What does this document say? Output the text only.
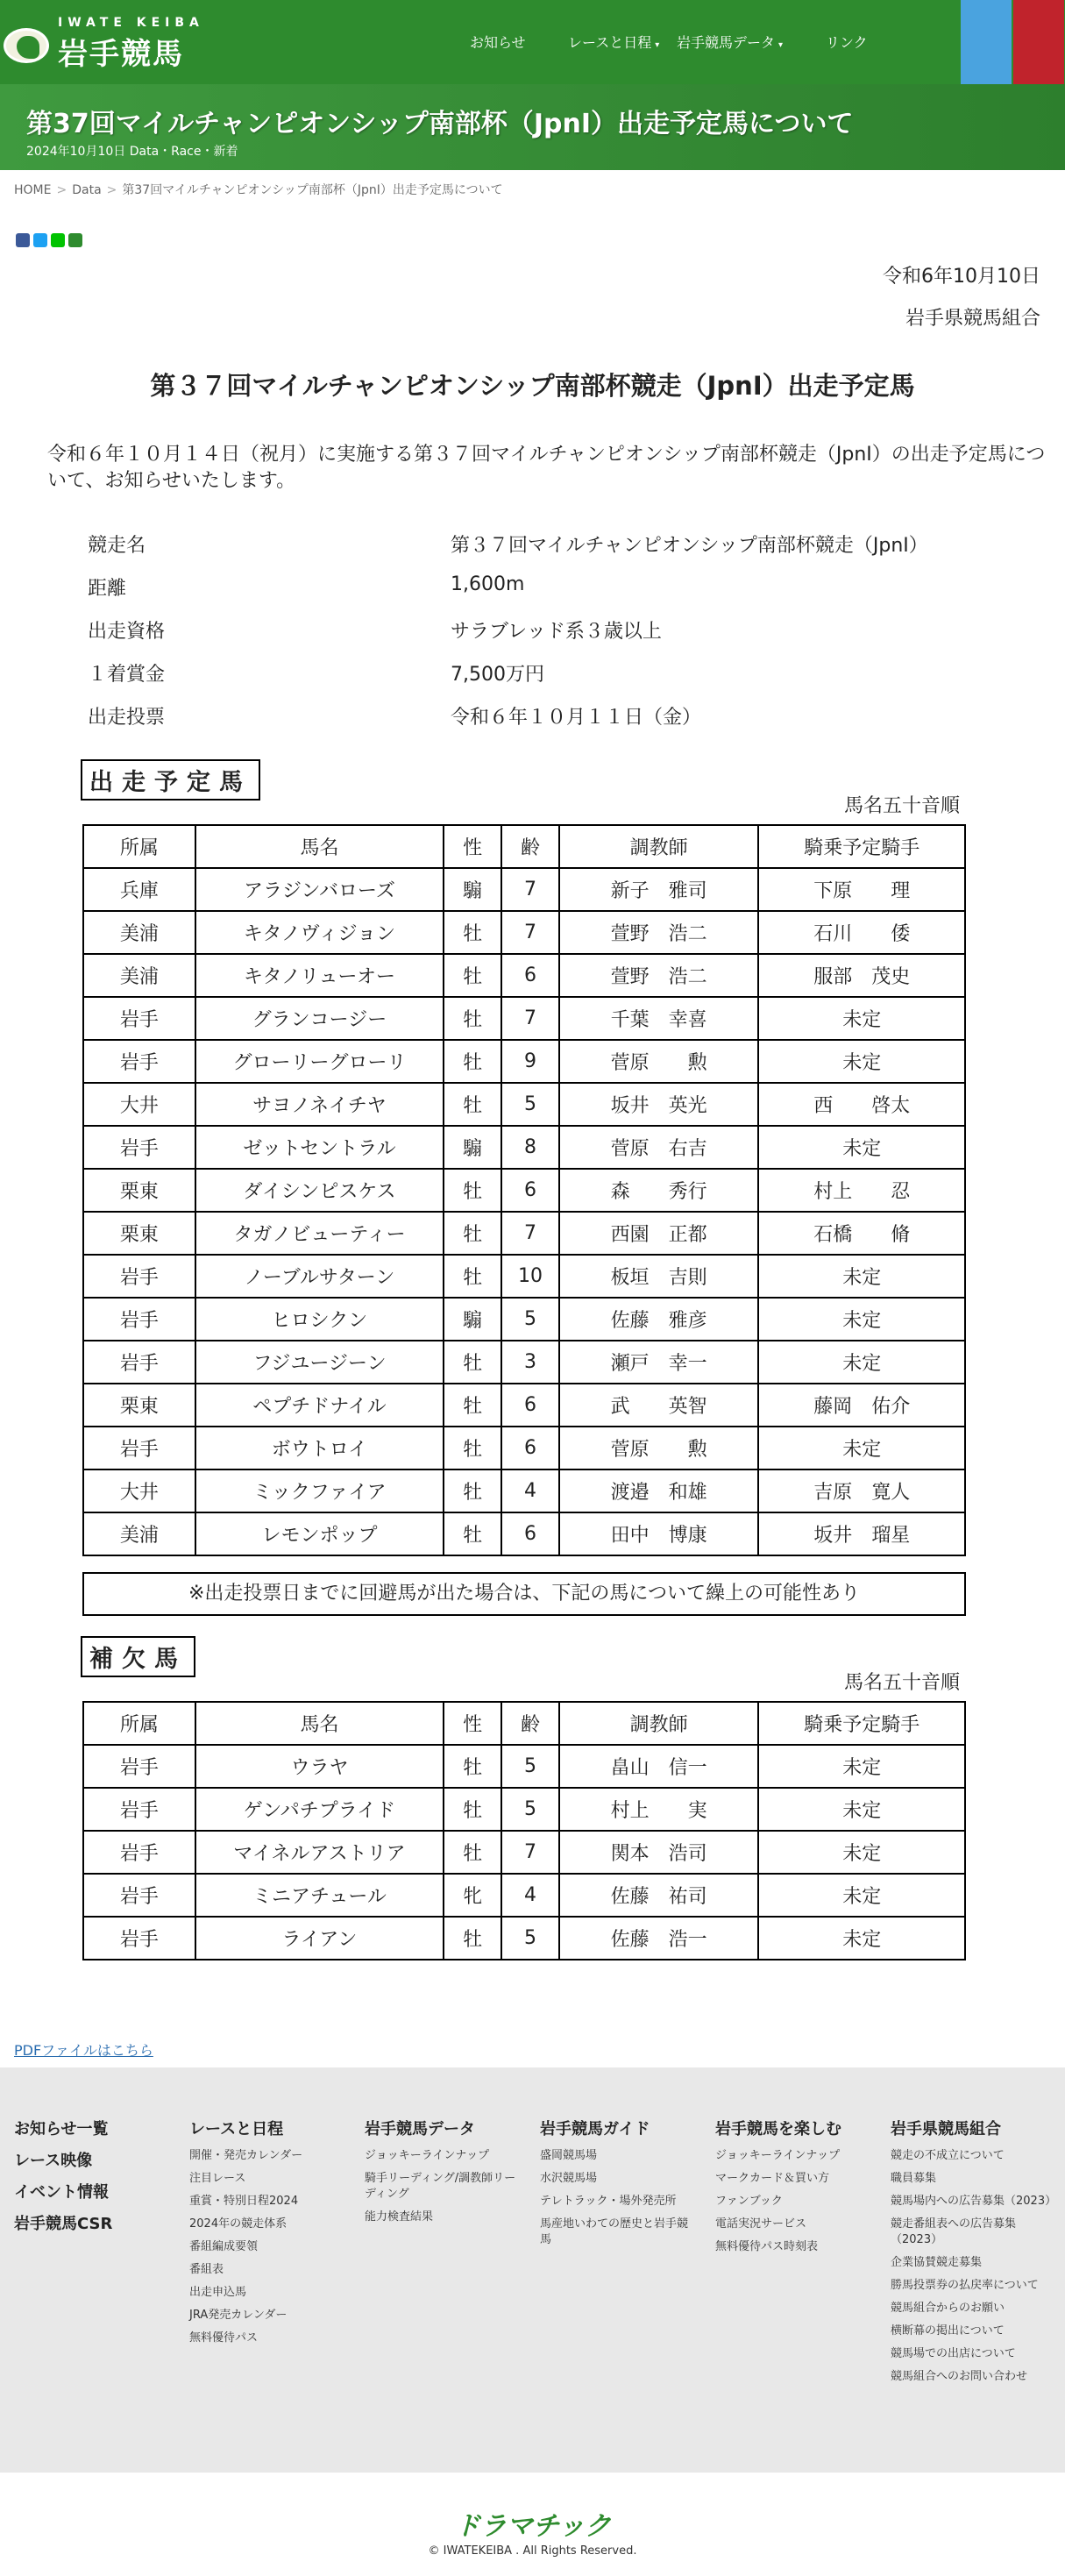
IWATE KEIBA
岩手競馬	お知らせ	レースと日程 ▾ 岩手競馬データ ▾	リンク
第37回マイルチャンピオンシップ南部杯（JpnⅠ）出走予定馬について
2024年10月10日 Data・Race・新着
HOME > Data > 第37回マイルチャンピオンシップ南部杯（JpnⅠ）出走予定馬について
令和6年10月10日
岩手県競馬組合
第３７回マイルチャンピオンシップ南部杯競走（JpnⅠ）出走予定馬
令和６年１０月１４日（祝月）に実施する第３７回マイルチャンピオンシップ南部杯競走（JpnⅠ）の出走予定馬について、お知らせいたします。
競走名	第３７回マイルチャンピオンシップ南部杯競走（JpnⅠ）
距離	1,600m
出走資格	サラブレッド系３歳以上
１着賞金	7,500万円
出走投票	令和６年１０月１１日（金）
出走予定馬
馬名五十音順
所属	馬名	性	齢	調教師	騎乗予定騎手
兵庫	アラジンバローズ	騸	7	新子　雅司	下原　　理
美浦	キタノヴィジョン	牡	7	萱野　浩二	石川　　倭
美浦	キタノリューオー	牡	6	萱野　浩二	服部　茂史
岩手	グランコージー	牡	7	千葉　幸喜	未定
岩手	グローリーグローリ	牡	9	菅原　　勲	未定
大井	サヨノネイチヤ	牡	5	坂井　英光	西　　啓太
岩手	ゼットセントラル	騸	8	菅原　右吉	未定
栗東	ダイシンピスケス	牡	6	森　　秀行	村上　　忍
栗東	タガノビューティー	牡	7	西園　正都	石橋　　脩
岩手	ノーブルサターン	牡	10	板垣　吉則	未定
岩手	ヒロシクン	騸	5	佐藤　雅彦	未定
岩手	フジユージーン	牡	3	瀬戸　幸一	未定
栗東	ペプチドナイル	牡	6	武　　英智	藤岡　佑介
岩手	ボウトロイ	牡	6	菅原　　勲	未定
大井	ミックファイア	牡	4	渡邉　和雄	吉原　寛人
美浦	レモンポップ	牡	6	田中　博康	坂井　瑠星
※出走投票日までに回避馬が出た場合は、下記の馬について繰上の可能性あり
補欠馬
馬名五十音順
所属	馬名	性	齢	調教師	騎乗予定騎手
岩手	ウラヤ	牡	5	畠山　信一	未定
岩手	ゲンパチプライド	牡	5	村上　　実	未定
岩手	マイネルアストリア	牡	7	関本　浩司	未定
岩手	ミニアチュール	牝	4	佐藤　祐司	未定
岩手	ライアン	牡	5	佐藤　浩一	未定
PDFファイルはこちら
お知らせ一覧
レース映像
イベント情報
岩手競馬CSR
レースと日程
開催・発売カレンダー
注目レース
重賞・特別日程2024
2024年の競走体系
番組編成要領
番組表
出走申込馬
JRA発売カレンダー
無料優待パス
岩手競馬データ
ジョッキーラインナップ
騎手リーディング/調教師リーディング
能力検査結果
岩手競馬ガイド
盛岡競馬場
水沢競馬場
テレトラック・場外発売所
馬産地いわての歴史と岩手競馬
岩手競馬を楽しむ
ジョッキーラインナップ
マークカード＆買い方
ファンブック
電話実況サービス
無料優待パス時刻表
岩手県競馬組合
競走の不成立について
職員募集
競馬場内への広告募集（2023）
競走番組表への広告募集（2023）
企業協賛競走募集
勝馬投票券の払戻率について
競馬組合からのお願い
横断幕の掲出について
競馬場での出店について
競馬組合へのお問い合わせ
ドラマチック
© IWATEKEIBA . All Rights Reserved.
